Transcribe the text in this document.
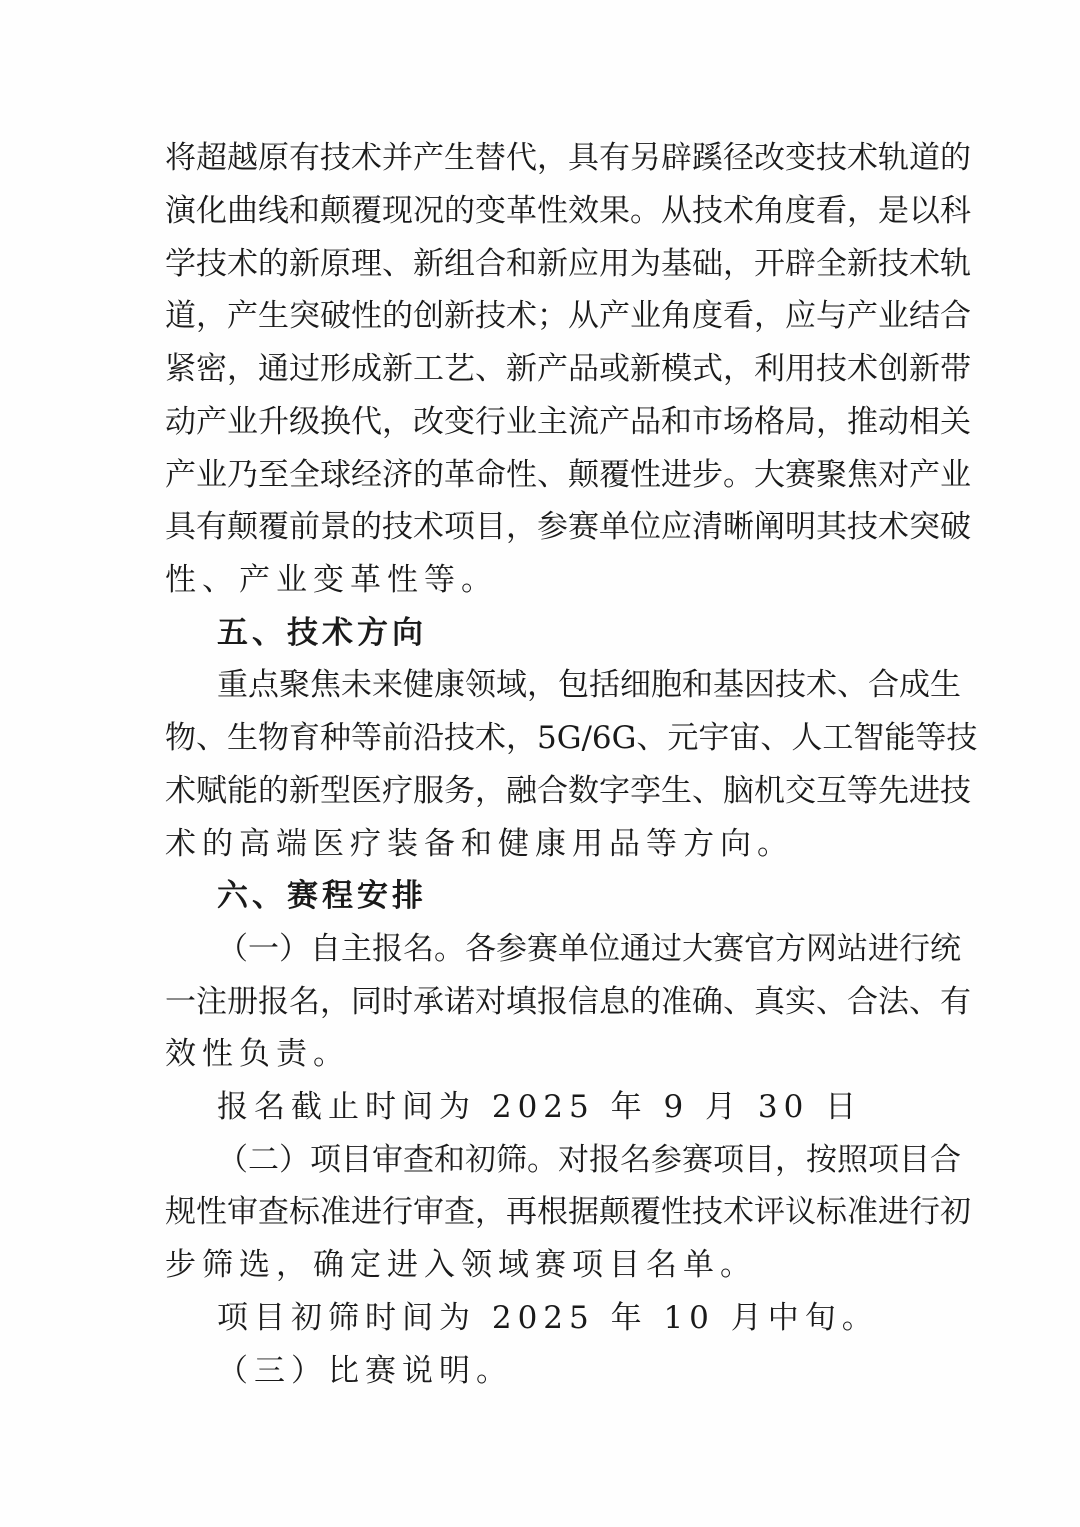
将超越原有技术并产生替代，具有另辟蹊径改变技术轨道的
演化曲线和颠覆现况的变革性效果。从技术角度看，是以科
学技术的新原理、新组合和新应用为基础，开辟全新技术轨
道，产生突破性的创新技术；从产业角度看，应与产业结合
紧密，通过形成新工艺、新产品或新模式，利用技术创新带
动产业升级换代，改变行业主流产品和市场格局，推动相关
产业乃至全球经济的革命性、颠覆性进步。大赛聚焦对产业
具有颠覆前景的技术项目，参赛单位应清晰阐明其技术突破
性、产业变革性等。
五、技术方向
重点聚焦未来健康领域，包括细胞和基因技术、合成生
物、生物育种等前沿技术，5G/6G、元宇宙、人工智能等技
术赋能的新型医疗服务，融合数字孪生、脑机交互等先进技
术的高端医疗装备和健康用品等方向。
六、赛程安排
（一）自主报名。各参赛单位通过大赛官方网站进行统
一注册报名，同时承诺对填报信息的准确、真实、合法、有
效性负责。
报名截止时间为 2025 年 9 月 30 日
（二）项目审查和初筛。对报名参赛项目，按照项目合
规性审查标准进行审查，再根据颠覆性技术评议标准进行初
步筛选，确定进入领域赛项目名单。
项目初筛时间为 2025 年 10 月中旬。
（三）比赛说明。
